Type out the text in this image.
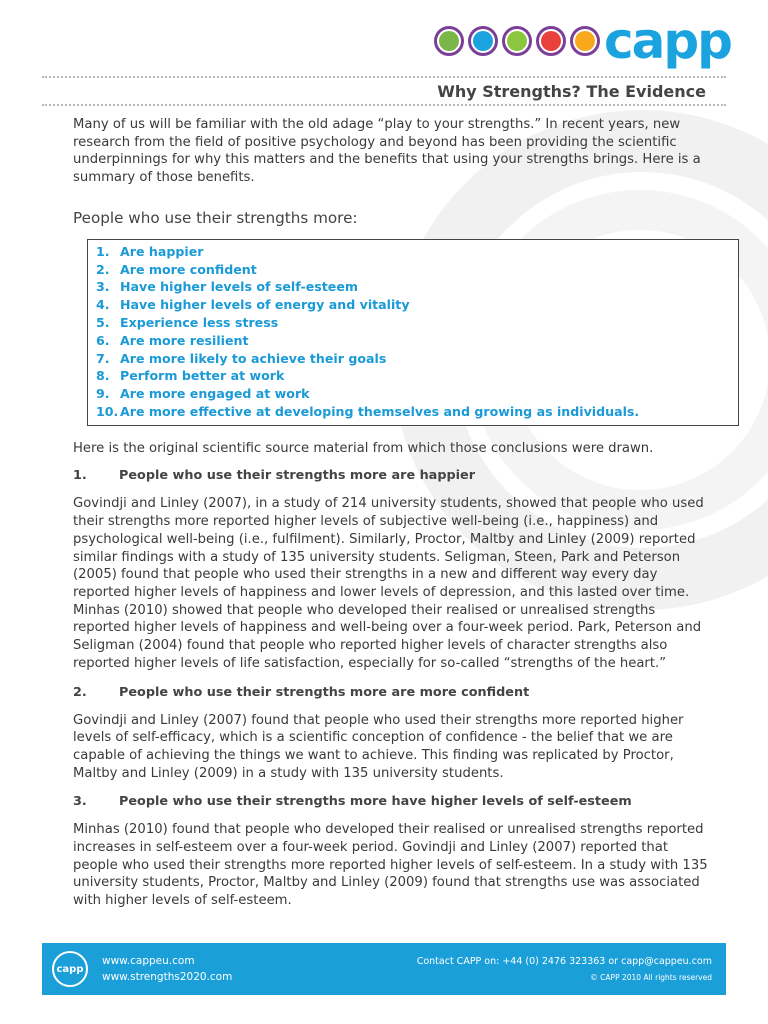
capp
Why Strengths? The Evidence

Many of us will be familiar with the old adage “play to your strengths.” In recent years, new research from the field of positive psychology and beyond has been providing the scientific underpinnings for why this matters and the benefits that using your strengths brings. Here is a summary of those benefits.

People who use their strengths more:
1. Are happier
2. Are more confident
3. Have higher levels of self-esteem
4. Have higher levels of energy and vitality
5. Experience less stress
6. Are more resilient
7. Are more likely to achieve their goals
8. Perform better at work
9. Are more engaged at work
10. Are more effective at developing themselves and growing as individuals.

Here is the original scientific source material from which those conclusions were drawn.

1.	People who use their strengths more are happier

Govindji and Linley (2007), in a study of 214 university students, showed that people who used their strengths more reported higher levels of subjective well-being (i.e., happiness) and psychological well-being (i.e., fulfilment). Similarly, Proctor, Maltby and Linley (2009) reported similar findings with a study of 135 university students. Seligman, Steen, Park and Peterson (2005) found that people who used their strengths in a new and different way every day reported higher levels of happiness and lower levels of depression, and this lasted over time. Minhas (2010) showed that people who developed their realised or unrealised strengths reported higher levels of happiness and well-being over a four-week period. Park, Peterson and Seligman (2004) found that people who reported higher levels of character strengths also reported higher levels of life satisfaction, especially for so-called “strengths of the heart.”

2.	People who use their strengths more are more confident

Govindji and Linley (2007) found that people who used their strengths more reported higher levels of self-efficacy, which is a scientific conception of confidence - the belief that we are capable of achieving the things we want to achieve. This finding was replicated by Proctor, Maltby and Linley (2009) in a study with 135 university students.

3.	People who use their strengths more have higher levels of self-esteem

Minhas (2010) found that people who developed their realised or unrealised strengths reported increases in self-esteem over a four-week period. Govindji and Linley (2007) reported that people who used their strengths more reported higher levels of self-esteem. In a study with 135 university students, Proctor, Maltby and Linley (2009) found that strengths use was associated with higher levels of self-esteem.

capp
www.cappeu.com
www.strengths2020.com
Contact CAPP on: +44 (0) 2476 323363 or capp@cappeu.com
© CAPP 2010 All rights reserved
